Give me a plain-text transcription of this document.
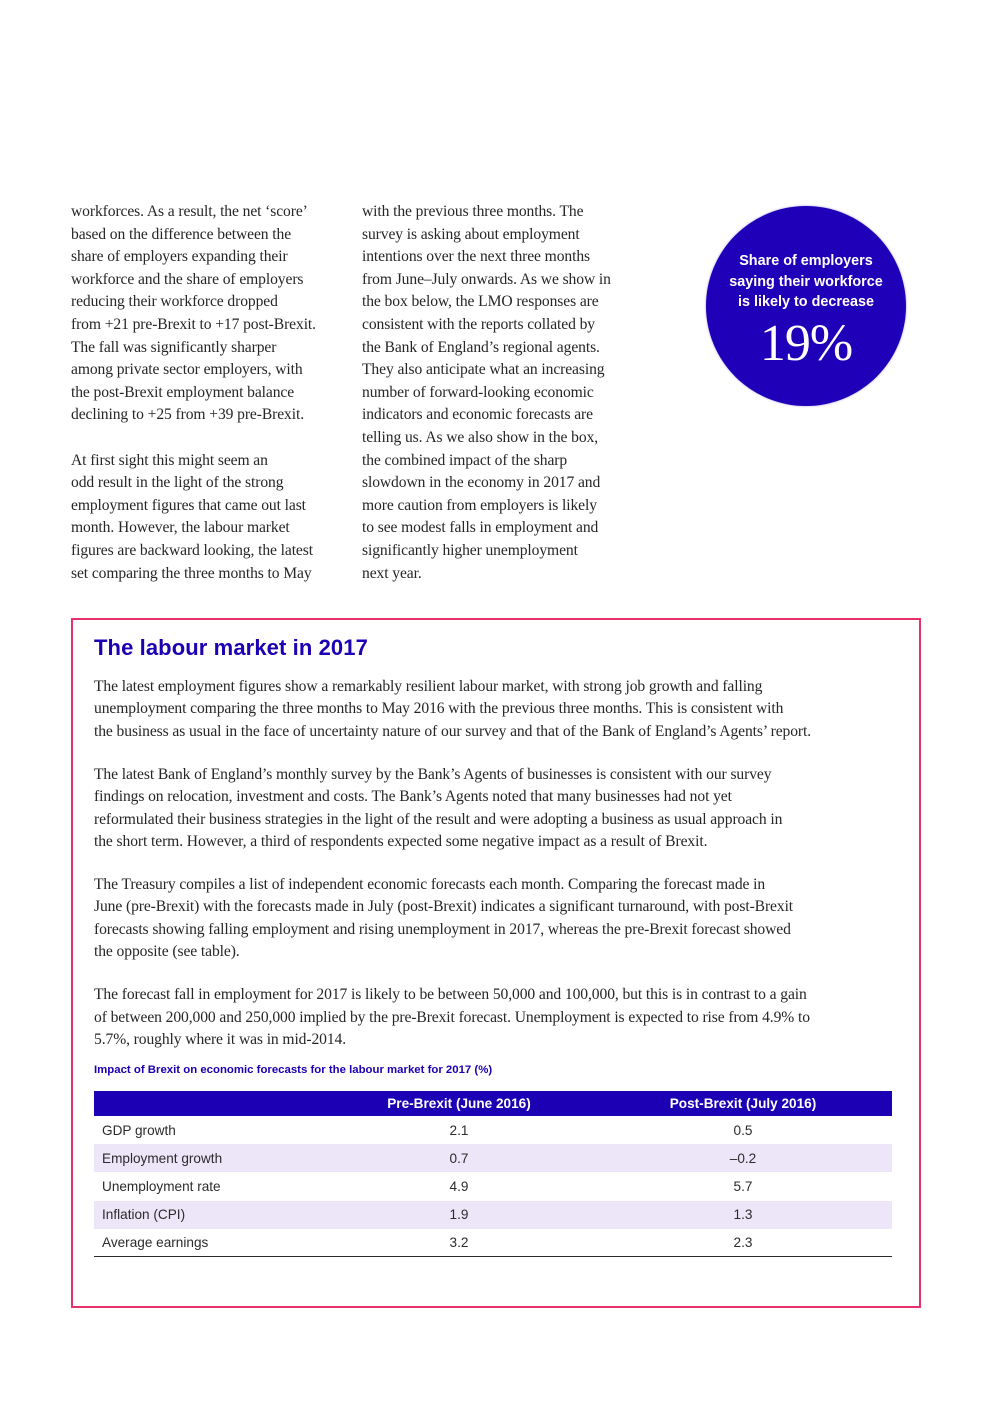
workforces. As a result, the net ‘score’
based on the difference between the
share of employers expanding their
workforce and the share of employers
reducing their workforce dropped
from +21 pre-Brexit to +17 post-Brexit.
The fall was significantly sharper
among private sector employers, with
the post-Brexit employment balance
declining to +25 from +39 pre-Brexit.

At first sight this might seem an
odd result in the light of the strong
employment figures that came out last
month. However, the labour market
figures are backward looking, the latest
set comparing the three months to May

with the previous three months. The
survey is asking about employment
intentions over the next three months
from June–July onwards. As we show in
the box below, the LMO responses are
consistent with the reports collated by
the Bank of England’s regional agents.
They also anticipate what an increasing
number of forward-looking economic
indicators and economic forecasts are
telling us. As we also show in the box,
the combined impact of the sharp
slowdown in the economy in 2017 and
more caution from employers is likely
to see modest falls in employment and
significantly higher unemployment
next year.

Share of employers
saying their workforce
is likely to decrease
19%
The labour market in 2017

The latest employment figures show a remarkably resilient labour market, with strong job growth and falling
unemployment comparing the three months to May 2016 with the previous three months. This is consistent with
the business as usual in the face of uncertainty nature of our survey and that of the Bank of England’s Agents’ report.

The latest Bank of England’s monthly survey by the Bank’s Agents of businesses is consistent with our survey
findings on relocation, investment and costs. The Bank’s Agents noted that many businesses had not yet
reformulated their business strategies in the light of the result and were adopting a business as usual approach in
the short term. However, a third of respondents expected some negative impact as a result of Brexit.

The Treasury compiles a list of independent economic forecasts each month. Comparing the forecast made in
June (pre-Brexit) with the forecasts made in July (post-Brexit) indicates a significant turnaround, with post-Brexit
forecasts showing falling employment and rising unemployment in 2017, whereas the pre-Brexit forecast showed
the opposite (see table).

The forecast fall in employment for 2017 is likely to be between 50,000 and 100,000, but this is in contrast to a gain
of between 200,000 and 250,000 implied by the pre-Brexit forecast. Unemployment is expected to rise from 4.9% to
5.7%, roughly where it was in mid-2014.

Impact of Brexit on economic forecasts for the labour market for 2017 (%)
	Pre-Brexit (June 2016)	Post-Brexit (July 2016)
GDP growth	2.1	0.5
Employment growth	0.7	–0.2
Unemployment rate	4.9	5.7
Inflation (CPI)	1.9	1.3
Average earnings	3.2	2.3
